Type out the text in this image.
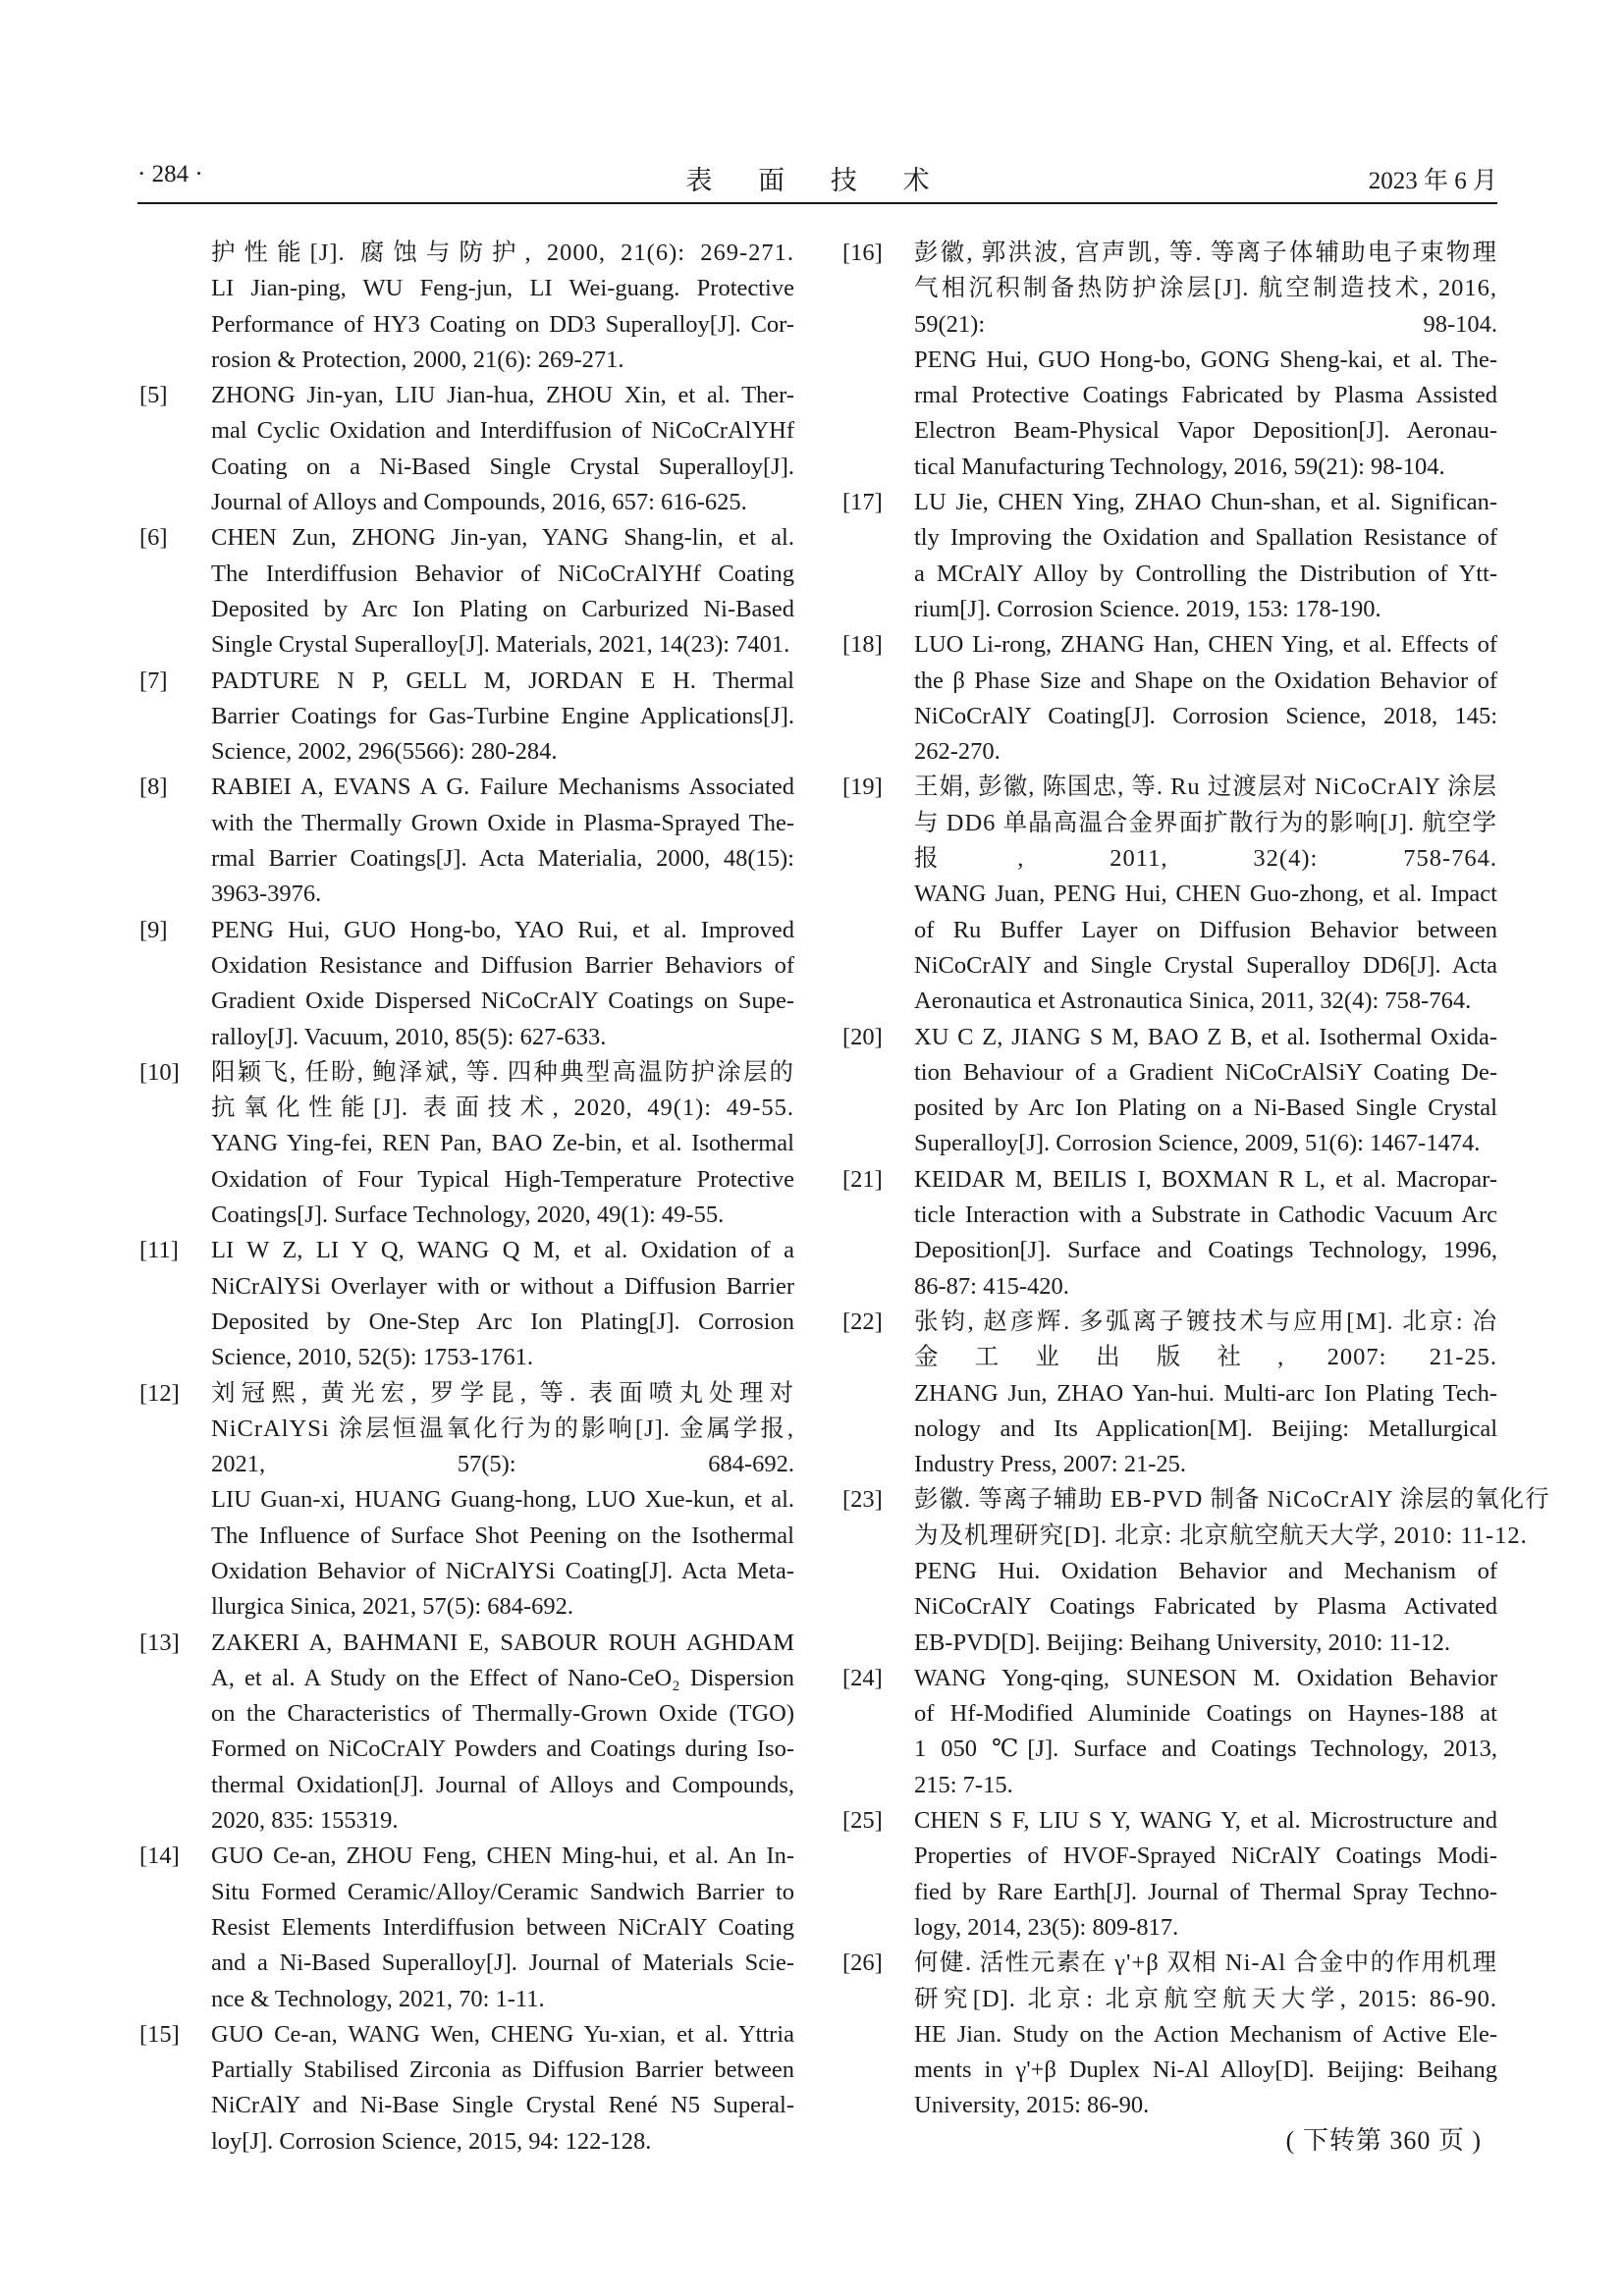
· 284 ·	表 面 技 术	2023 年 6 月
护性能[J]. 腐蚀与防护, 2000, 21(6): 269-271.
LI Jian-ping, WU Feng-jun, LI Wei-guang. Protective
Performance of HY3 Coating on DD3 Superalloy[J]. Cor-
rosion & Protection, 2000, 21(6): 269-271.
[5] ZHONG Jin-yan, LIU Jian-hua, ZHOU Xin, et al. Ther-
mal Cyclic Oxidation and Interdiffusion of NiCoCrAlYHf
Coating on a Ni-Based Single Crystal Superalloy[J].
Journal of Alloys and Compounds, 2016, 657: 616-625.
[6] CHEN Zun, ZHONG Jin-yan, YANG Shang-lin, et al.
The Interdiffusion Behavior of NiCoCrAlYHf Coating
Deposited by Arc Ion Plating on Carburized Ni-Based
Single Crystal Superalloy[J]. Materials, 2021, 14(23): 7401.
[7] PADTURE N P, GELL M, JORDAN E H. Thermal
Barrier Coatings for Gas-Turbine Engine Applications[J].
Science, 2002, 296(5566): 280-284.
[8] RABIEI A, EVANS A G. Failure Mechanisms Associated
with the Thermally Grown Oxide in Plasma-Sprayed The-
rmal Barrier Coatings[J]. Acta Materialia, 2000, 48(15):
3963-3976.
[9] PENG Hui, GUO Hong-bo, YAO Rui, et al. Improved
Oxidation Resistance and Diffusion Barrier Behaviors of
Gradient Oxide Dispersed NiCoCrAlY Coatings on Supe-
ralloy[J]. Vacuum, 2010, 85(5): 627-633.
[10] 阳颖飞, 任盼, 鲍泽斌, 等. 四种典型高温防护涂层的
抗氧化性能[J]. 表面技术, 2020, 49(1): 49-55.
YANG Ying-fei, REN Pan, BAO Ze-bin, et al. Isothermal
Oxidation of Four Typical High-Temperature Protective
Coatings[J]. Surface Technology, 2020, 49(1): 49-55.
[11] LI W Z, LI Y Q, WANG Q M, et al. Oxidation of a
NiCrAlYSi Overlayer with or without a Diffusion Barrier
Deposited by One-Step Arc Ion Plating[J]. Corrosion
Science, 2010, 52(5): 1753-1761.
[12] 刘冠熙, 黄光宏, 罗学昆, 等. 表面喷丸处理对
NiCrAlYSi 涂层恒温氧化行为的影响[J]. 金属学报,
2021, 57(5): 684-692.
LIU Guan-xi, HUANG Guang-hong, LUO Xue-kun, et al.
The Influence of Surface Shot Peening on the Isothermal
Oxidation Behavior of NiCrAlYSi Coating[J]. Acta Meta-
llurgica Sinica, 2021, 57(5): 684-692.
[13] ZAKERI A, BAHMANI E, SABOUR ROUH AGHDAM
A, et al. A Study on the Effect of Nano-CeO₂ Dispersion
on the Characteristics of Thermally-Grown Oxide (TGO)
Formed on NiCoCrAlY Powders and Coatings during Iso-
thermal Oxidation[J]. Journal of Alloys and Compounds,
2020, 835: 155319.
[14] GUO Ce-an, ZHOU Feng, CHEN Ming-hui, et al. An In-
Situ Formed Ceramic/Alloy/Ceramic Sandwich Barrier to
Resist Elements Interdiffusion between NiCrAlY Coating
and a Ni-Based Superalloy[J]. Journal of Materials Scie-
nce & Technology, 2021, 70: 1-11.
[15] GUO Ce-an, WANG Wen, CHENG Yu-xian, et al. Yttria
Partially Stabilised Zirconia as Diffusion Barrier between
NiCrAlY and Ni-Base Single Crystal René N5 Superal-
loy[J]. Corrosion Science, 2015, 94: 122-128.
[16] 彭徽, 郭洪波, 宫声凯, 等. 等离子体辅助电子束物理
气相沉积制备热防护涂层[J]. 航空制造技术, 2016,
59(21): 98-104.
PENG Hui, GUO Hong-bo, GONG Sheng-kai, et al. The-
rmal Protective Coatings Fabricated by Plasma Assisted
Electron Beam-Physical Vapor Deposition[J]. Aeronau-
tical Manufacturing Technology, 2016, 59(21): 98-104.
[17] LU Jie, CHEN Ying, ZHAO Chun-shan, et al. Significan-
tly Improving the Oxidation and Spallation Resistance of
a MCrAlY Alloy by Controlling the Distribution of Ytt-
rium[J]. Corrosion Science. 2019, 153: 178-190.
[18] LUO Li-rong, ZHANG Han, CHEN Ying, et al. Effects of
the β Phase Size and Shape on the Oxidation Behavior of
NiCoCrAlY Coating[J]. Corrosion Science, 2018, 145:
262-270.
[19] 王娟, 彭徽, 陈国忠, 等. Ru 过渡层对 NiCoCrAlY 涂层
与 DD6 单晶高温合金界面扩散行为的影响[J]. 航空学
报, 2011, 32(4): 758-764.
WANG Juan, PENG Hui, CHEN Guo-zhong, et al. Impact
of Ru Buffer Layer on Diffusion Behavior between
NiCoCrAlY and Single Crystal Superalloy DD6[J]. Acta
Aeronautica et Astronautica Sinica, 2011, 32(4): 758-764.
[20] XU C Z, JIANG S M, BAO Z B, et al. Isothermal Oxida-
tion Behaviour of a Gradient NiCoCrAlSiY Coating De-
posited by Arc Ion Plating on a Ni-Based Single Crystal
Superalloy[J]. Corrosion Science, 2009, 51(6): 1467-1474.
[21] KEIDAR M, BEILIS I, BOXMAN R L, et al. Macropar-
ticle Interaction with a Substrate in Cathodic Vacuum Arc
Deposition[J]. Surface and Coatings Technology, 1996,
86-87: 415-420.
[22] 张钧, 赵彦辉. 多弧离子镀技术与应用[M]. 北京: 冶
金工业出版社, 2007: 21-25.
ZHANG Jun, ZHAO Yan-hui. Multi-arc Ion Plating Tech-
nology and Its Application[M]. Beijing: Metallurgical
Industry Press, 2007: 21-25.
[23] 彭徽. 等离子辅助 EB-PVD 制备 NiCoCrAlY 涂层的氧化行
为及机理研究[D]. 北京: 北京航空航天大学, 2010: 11-12.
PENG Hui. Oxidation Behavior and Mechanism of
NiCoCrAlY Coatings Fabricated by Plasma Activated
EB-PVD[D]. Beijing: Beihang University, 2010: 11-12.
[24] WANG Yong-qing, SUNESON M. Oxidation Behavior
of Hf-Modified Aluminide Coatings on Haynes-188 at
1 050 ℃[J]. Surface and Coatings Technology, 2013,
215: 7-15.
[25] CHEN S F, LIU S Y, WANG Y, et al. Microstructure and
Properties of HVOF-Sprayed NiCrAlY Coatings Modi-
fied by Rare Earth[J]. Journal of Thermal Spray Techno-
logy, 2014, 23(5): 809-817.
[26] 何健. 活性元素在 γ'+β 双相 Ni-Al 合金中的作用机理
研究[D]. 北京: 北京航空航天大学, 2015: 86-90.
HE Jian. Study on the Action Mechanism of Active Ele-
ments in γ'+β Duplex Ni-Al Alloy[D]. Beijing: Beihang
University, 2015: 86-90.
( 下转第 360 页 )
